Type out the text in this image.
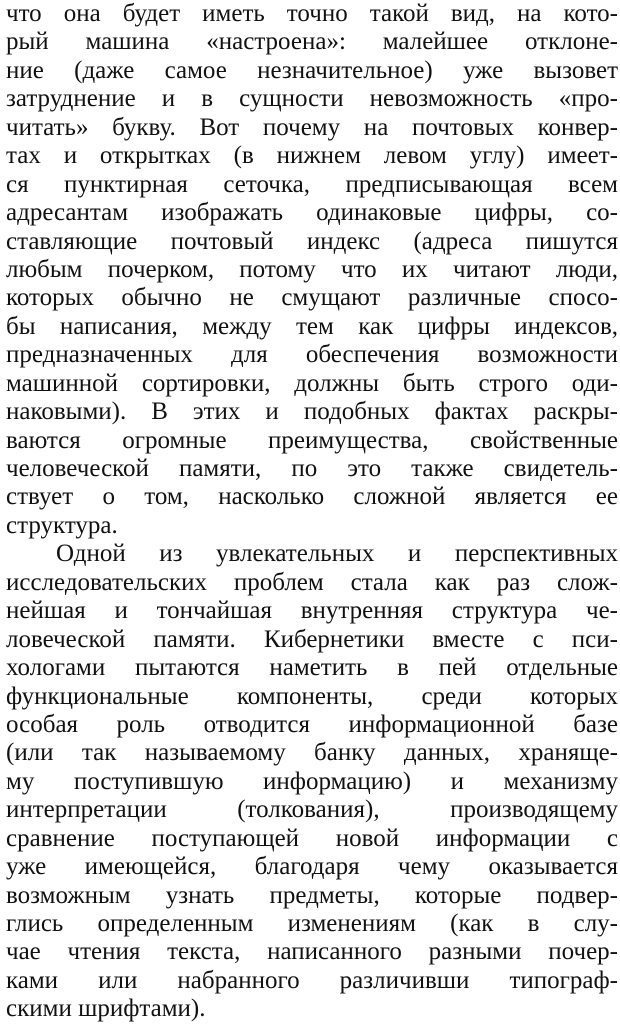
что она будет иметь точно такой вид, на кото-
рый машина «настроена»: малейшее отклоне-
ние (даже самое незначительное) уже вызовет
затруднение и в сущности невозможность «про-
читать» букву. Вот почему на почтовых конвер-
тах и открытках (в нижнем левом углу) имеет-
ся пунктирная сеточка, предписывающая всем
адресантам изображать одинаковые цифры, со-
ставляющие почтовый индекс (адреса пишутся
любым почерком, потому что их читают люди,
которых обычно не смущают различные спосо-
бы написания, между тем как цифры индексов,
предназначенных для обеспечения возможности
машинной сортировки, должны быть строго оди-
наковыми). В этих и подобных фактах раскры-
ваются огромные преимущества, свойственные
человеческой памяти, по это также свидетель-
ствует о том, насколько сложной является ее
структура.
Одной из увлекательных и перспективных
исследовательских проблем стала как раз слож-
нейшая и тончайшая внутренняя структура че-
ловеческой памяти. Кибернетики вместе с пси-
хологами пытаются наметить в пей отдельные
функциональные компоненты, среди которых
особая роль отводится информационной базе
(или так называемому банку данных, храняще-
му поступившую информацию) и механизму
интерпретации (толкования), производящему
сравнение поступающей новой информации с
уже имеющейся, благодаря чему оказывается
возможным узнать предметы, которые подвер-
глись определенным изменениям (как в слу-
чае чтения текста, написанного разными почер-
ками или набранного различивши типограф-
скими шрифтами).
